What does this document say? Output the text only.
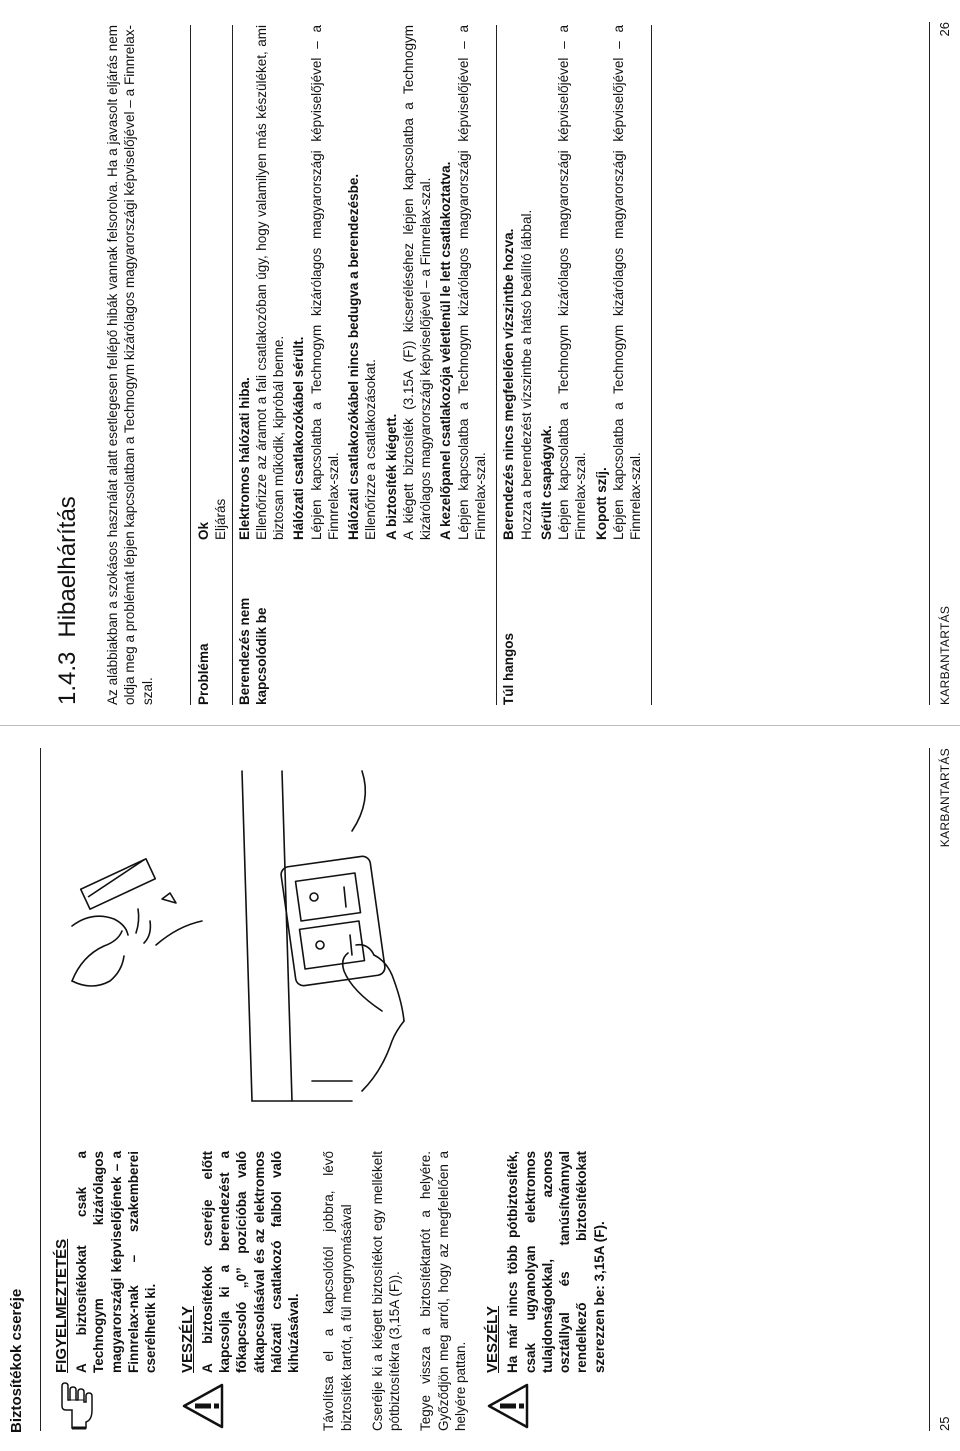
Biztosítékok cseréje FIGYELMEZTETÉS A biztosítékokat csak a Technogym kizárólagos magyarországi képviselőjének – a Finnrelax-nak – szakemberei cserélhetik ki. VESZÉLY A biztosítékok cseréje előtt kapcsolja ki a berendezést a főkapcsoló „0” pozícióba való átkapcsolásával és az elektromos hálózati csatlakozó falból való kihúzásával. Távolítsa el a kapcsolótól jobbra, lévő biztosíték tartót, a fül megnyomásával Cserélje ki a kiégett biztosítékot egy mellékelt pótbiztosítékra (3,15A (F)). Tegye vissza a biztosítéktartót a helyére. Győződjön meg arról, hogy az megfelelően a helyére pattan.

VESZÉLY Ha már nincs több pótbiztosíték, csak ugyanolyan elektromos tulajdonságokkal, azonos osztállyal és tanúsítvánnyal rendelkező biztosítékokat szerezzen be: 3,15A (F).
25
KARBANTARTÁS
1.4.3Hibaelhárítás Az alábbiakban a szokásos használat alatt esetlegesen fellépő hibák vannak felsorolva. Ha a javasolt eljárás nem oldja meg a problémát lépjen kapcsolatban a Technogym kizárólagos magyarországi képviselőjével – a Finnrelax-szal.	Probléma
Ok Eljárás
Berendezés nem kapcsolódik be
Elektromos hálózati hiba. Ellenőrizze az áramot a fali csatlakozóban úgy, hogy valamilyen más készüléket, ami biztosan működik, kipróbál benne. Hálózati csatlakozókábel sérült. Lépjen kapcsolatba a Technogym kizárólagos magyarországi képviselőjével – a Finnrelax-szal. Hálózati csatlakozókábel nincs bedugva a berendezésbe. Ellenőrizze a csatlakozásokat. A biztosíték kiégett. A kiégett biztosíték (3.15A (F)) kicseréléséhez lépjen kapcsolatba a Technogym kizárólagos magyarországi képviselőjével – a Finnrelax-szal. A kezelőpanel csatlakozója véletlenül le lett csatlakoztatva. Lépjen kapcsolatba a Technogym kizárólagos magyarországi képviselőjével – a Finnrelax-szal.
Túl hangos
Berendezés nincs megfelelően vízszintbe hozva. Hozza a berendezést vízszintbe a hátsó beállító lábbal. Sérült csapágyak. Lépjen kapcsolatba a Technogym kizárólagos magyarországi képviselőjével – a Finnrelax-szal. Kopott szíj. Lépjen kapcsolatba a Technogym kizárólagos magyarországi képviselőjével – a Finnrelax-szal.
KARBANTARTÁS
26
